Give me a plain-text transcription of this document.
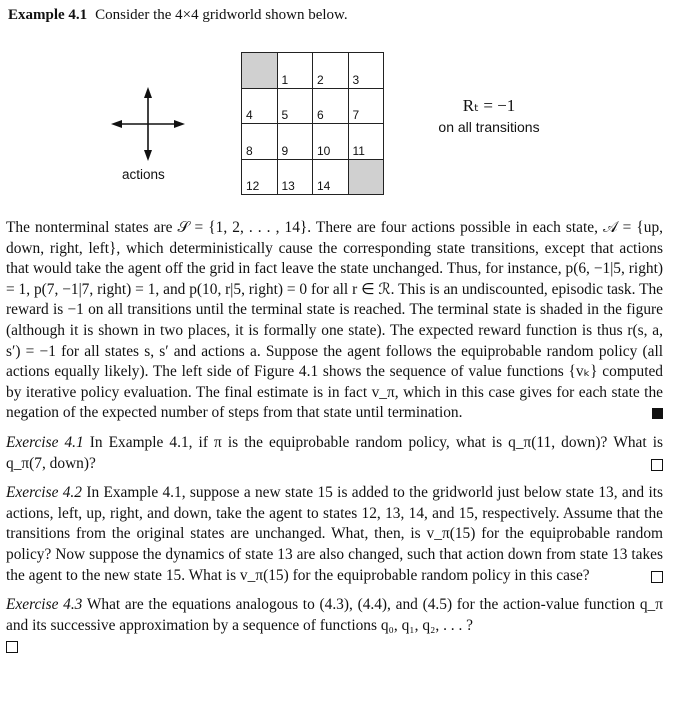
Example 4.1 Consider the 4×4 gridworld shown below.
actions
1 2 3
4 5 6 7
8 9 10 11
12 13 14
Rₜ = −1
on all transitions

The nonterminal states are 𝒮 = {1, 2, . . . , 14}. There are four actions possible in each state, 𝒜 = {up, down, right, left}, which deterministically cause the corresponding state transitions, except that actions that would take the agent off the grid in fact leave the state unchanged. Thus, for instance, p(6, −1|5, right) = 1, p(7, −1|7, right) = 1, and p(10, r|5, right) = 0 for all r ∈ ℛ. This is an undiscounted, episodic task. The reward is −1 on all transitions until the terminal state is reached. The terminal state is shaded in the figure (although it is shown in two places, it is formally one state). The expected reward function is thus r(s, a, s′) = −1 for all states s, s′ and actions a. Suppose the agent follows the equiprobable random policy (all actions equally likely). The left side of Figure 4.1 shows the sequence of value functions {vₖ} computed by iterative policy evaluation. The final estimate is in fact v_π, which in this case gives for each state the negation of the expected number of steps from that state until termination.

Exercise 4.1 In Example 4.1, if π is the equiprobable random policy, what is q_π(11, down)? What is q_π(7, down)?

Exercise 4.2 In Example 4.1, suppose a new state 15 is added to the gridworld just below state 13, and its actions, left, up, right, and down, take the agent to states 12, 13, 14, and 15, respectively. Assume that the transitions from the original states are unchanged. What, then, is v_π(15) for the equiprobable random policy? Now suppose the dynamics of state 13 are also changed, such that action down from state 13 takes the agent to the new state 15. What is v_π(15) for the equiprobable random policy in this case?

Exercise 4.3 What are the equations analogous to (4.3), (4.4), and (4.5) for the action-value function q_π and its successive approximation by a sequence of functions q₀, q₁, q₂, . . . ?
